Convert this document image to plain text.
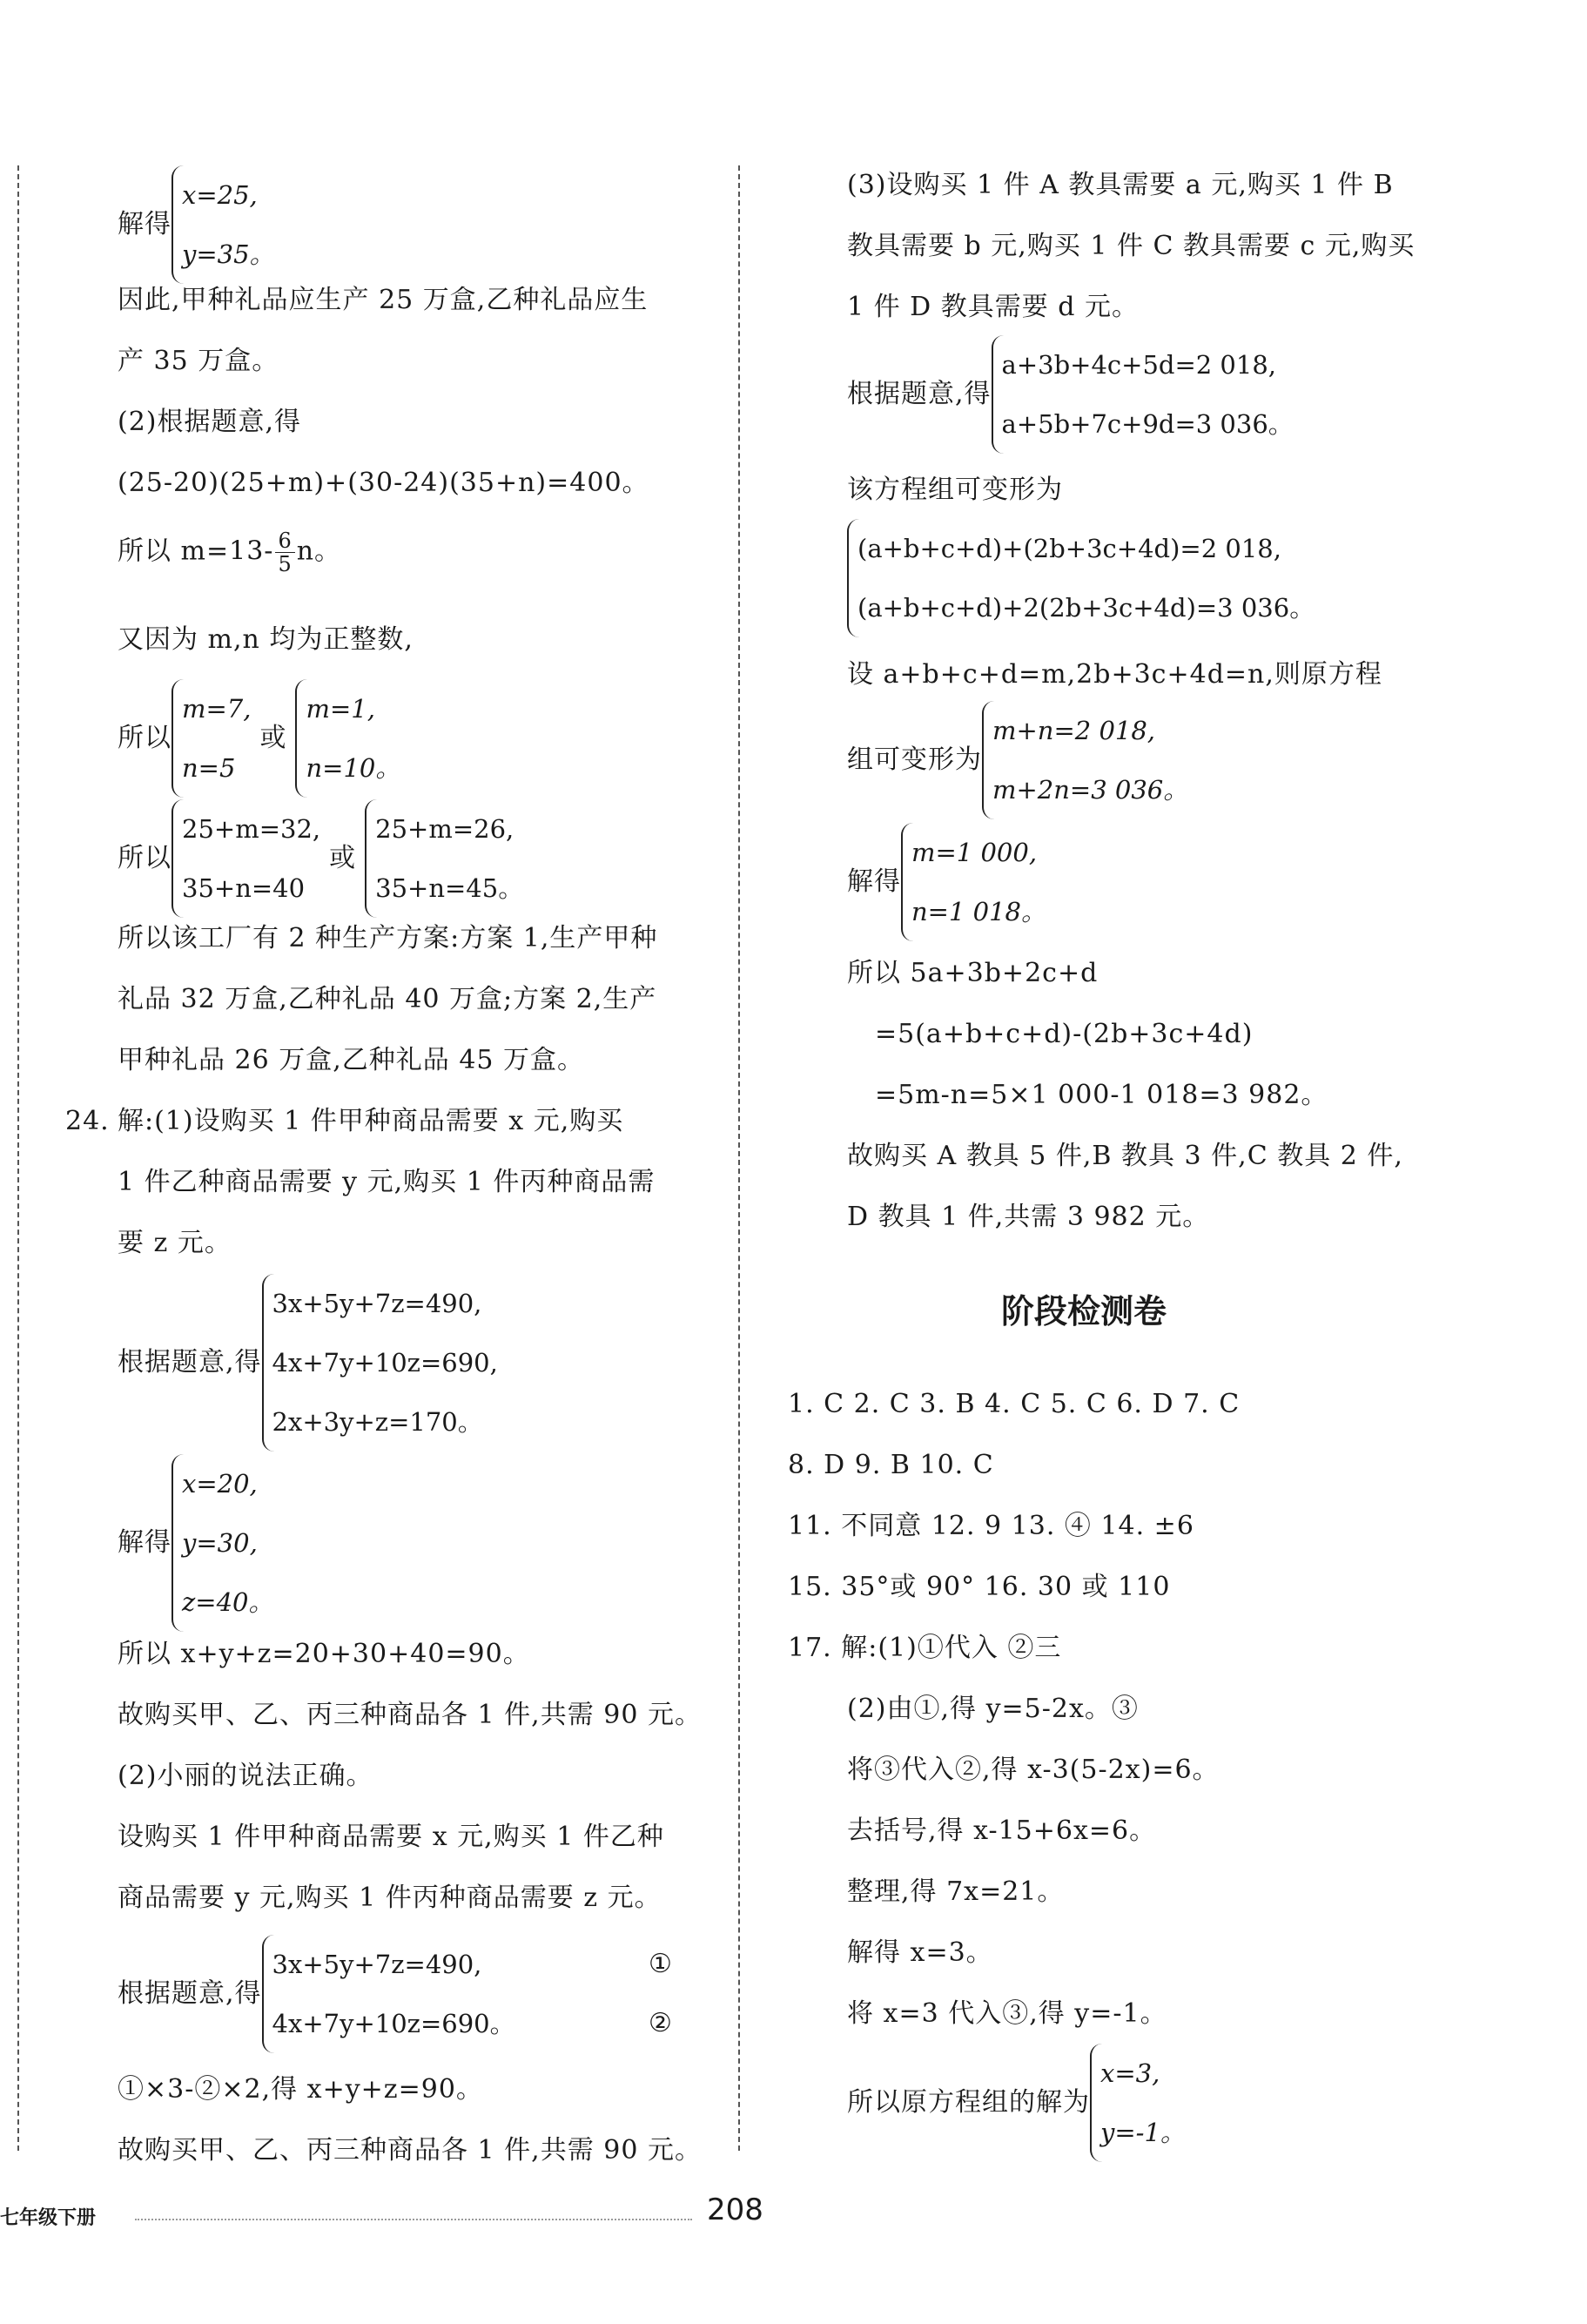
解得
x=25,
y=35。
因此,甲种礼品应生产 25 万盒,乙种礼品应生
产 35 万盒。
(2)根据题意,得
(25-20)(25+m)+(30-24)(35+n)=400。
所以 $m=13- \frac{6}{5}$ n。
又因为 m,n 均为正整数,
所以
m=7,
n=5
或
m=1,
n=10。
所以
25+m=32,
35+n=40
或
25+m=26,
35+n=45。
所以该工厂有 2 种生产方案:方案 1,生产甲种
礼品 32 万盒,乙种礼品 40 万盒;方案 2,生产
甲种礼品 26 万盒,乙种礼品 45 万盒。
24. 解:(1)设购买 1 件甲种商品需要 x 元,购买
1 件乙种商品需要 y 元,购买 1 件丙种商品需
要 z 元。
根据题意,得
3x+5y+7z=490,
4x+7y+10z=690,
2x+3y+z=170。
解得
x=20,
y=30,
z=40。
所以 x+y+z=20+30+40=90。
故购买甲、乙、丙三种商品各 1 件,共需 90 元。
(2)小丽的说法正确。
设购买 1 件甲种商品需要 x 元,购买 1 件乙种
商品需要 y 元,购买 1 件丙种商品需要 z 元。
根据题意,得
3x+5y+7z=490,
4x+7y+10z=690。
①
②
①×3-②×2,得 x+y+z=90。
故购买甲、乙、丙三种商品各 1 件,共需 90 元。
(3)设购买 1 件 A 教具需要 a 元,购买 1 件 B
教具需要 b 元,购买 1 件 C 教具需要 c 元,购买
1 件 D 教具需要 d 元。
根据题意,得
a+3b+4c+5d=2 018,
a+5b+7c+9d=3 036。
该方程组可变形为
(a+b+c+d)+(2b+3c+4d)=2 018,
(a+b+c+d)+2(2b+3c+4d)=3 036。
设 a+b+c+d=m,2b+3c+4d=n,则原方程
组可变形为
m+n=2 018,
m+2n=3 036。
解得
m=1 000,
n=1 018。
所以 5a+3b+2c+d
=5(a+b+c+d)-(2b+3c+4d)
=5m-n=5×1 000-1 018=3 982。
故购买 A 教具 5 件,B 教具 3 件,C 教具 2 件,
D 教具 1 件,共需 3 982 元。
阶段检测卷
1. C 2. C 3. B 4. C 5. C 6. D 7. C
8. D 9. B 10. C
11. 不同意 12. 9 13. ④ 14. ±6
15. 35°或 90° 16. 30 或 110
17. 解:(1)①代入 ②三
(2)由①,得 y=5-2x。③
将③代入②,得 x-3(5-2x)=6。
去括号,得 x-15+6x=6。
整理,得 7x=21。
解得 x=3。
将 x=3 代入③,得 y=-1。
所以原方程组的解为
x=3,
y=-1。
七年级下册	208
